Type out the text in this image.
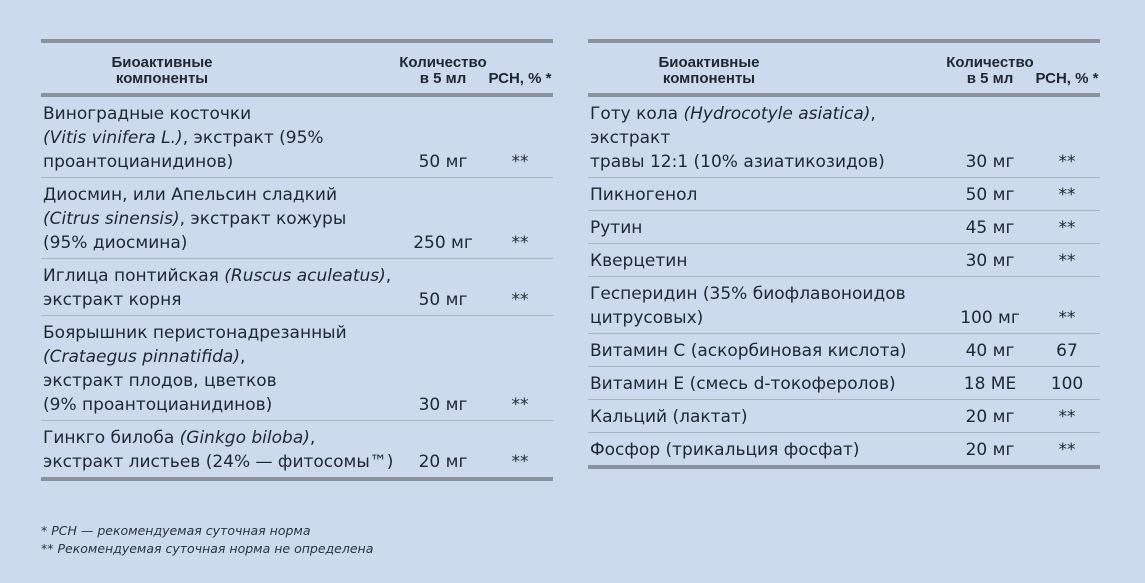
Биоактивные компоненты	Количество в 5 мл	РСН, % *

Виноградные косточки
(Vitis vinifera L.), экстракт (95%
проантоцианидинов)	50 мг	**

Диосмин, или Апельсин сладкий
(Citrus sinensis), экстракт кожуры
(95% диосмина)	250 мг	**

Иглица понтийская (Ruscus aculeatus),
экстракт корня	50 мг	**

Боярышник перистонадрезанный
(Crataegus pinnatifida),
экстракт плодов, цветков
(9% проантоцианидинов)	30 мг	**

Гинкго билоба (Ginkgo biloba),
экстракт листьев (24% — фитосомы™)	20 мг	**
Биоактивные компоненты	Количество в 5 мл	РСН, % *

Готу кола (Hydrocotyle asiatica), экстракт
травы 12:1 (10% азиатикозидов)	30 мг	**

Пикногенол	50 мг	**

Рутин	45 мг	**

Кверцетин	30 мг	**

Гесперидин (35% биофлавоноидов
цитрусовых)	100 мг	**

Витамин С (аскорбиновая кислота)	40 мг	67

Витамин Е (смесь d-токоферолов)	18 МЕ	100

Кальций (лактат)	20 мг	**

Фосфор (трикальция фосфат)	20 мг	**
* РСН — рекомендуемая суточная норма
** Рекомендуемая суточная норма не определена
